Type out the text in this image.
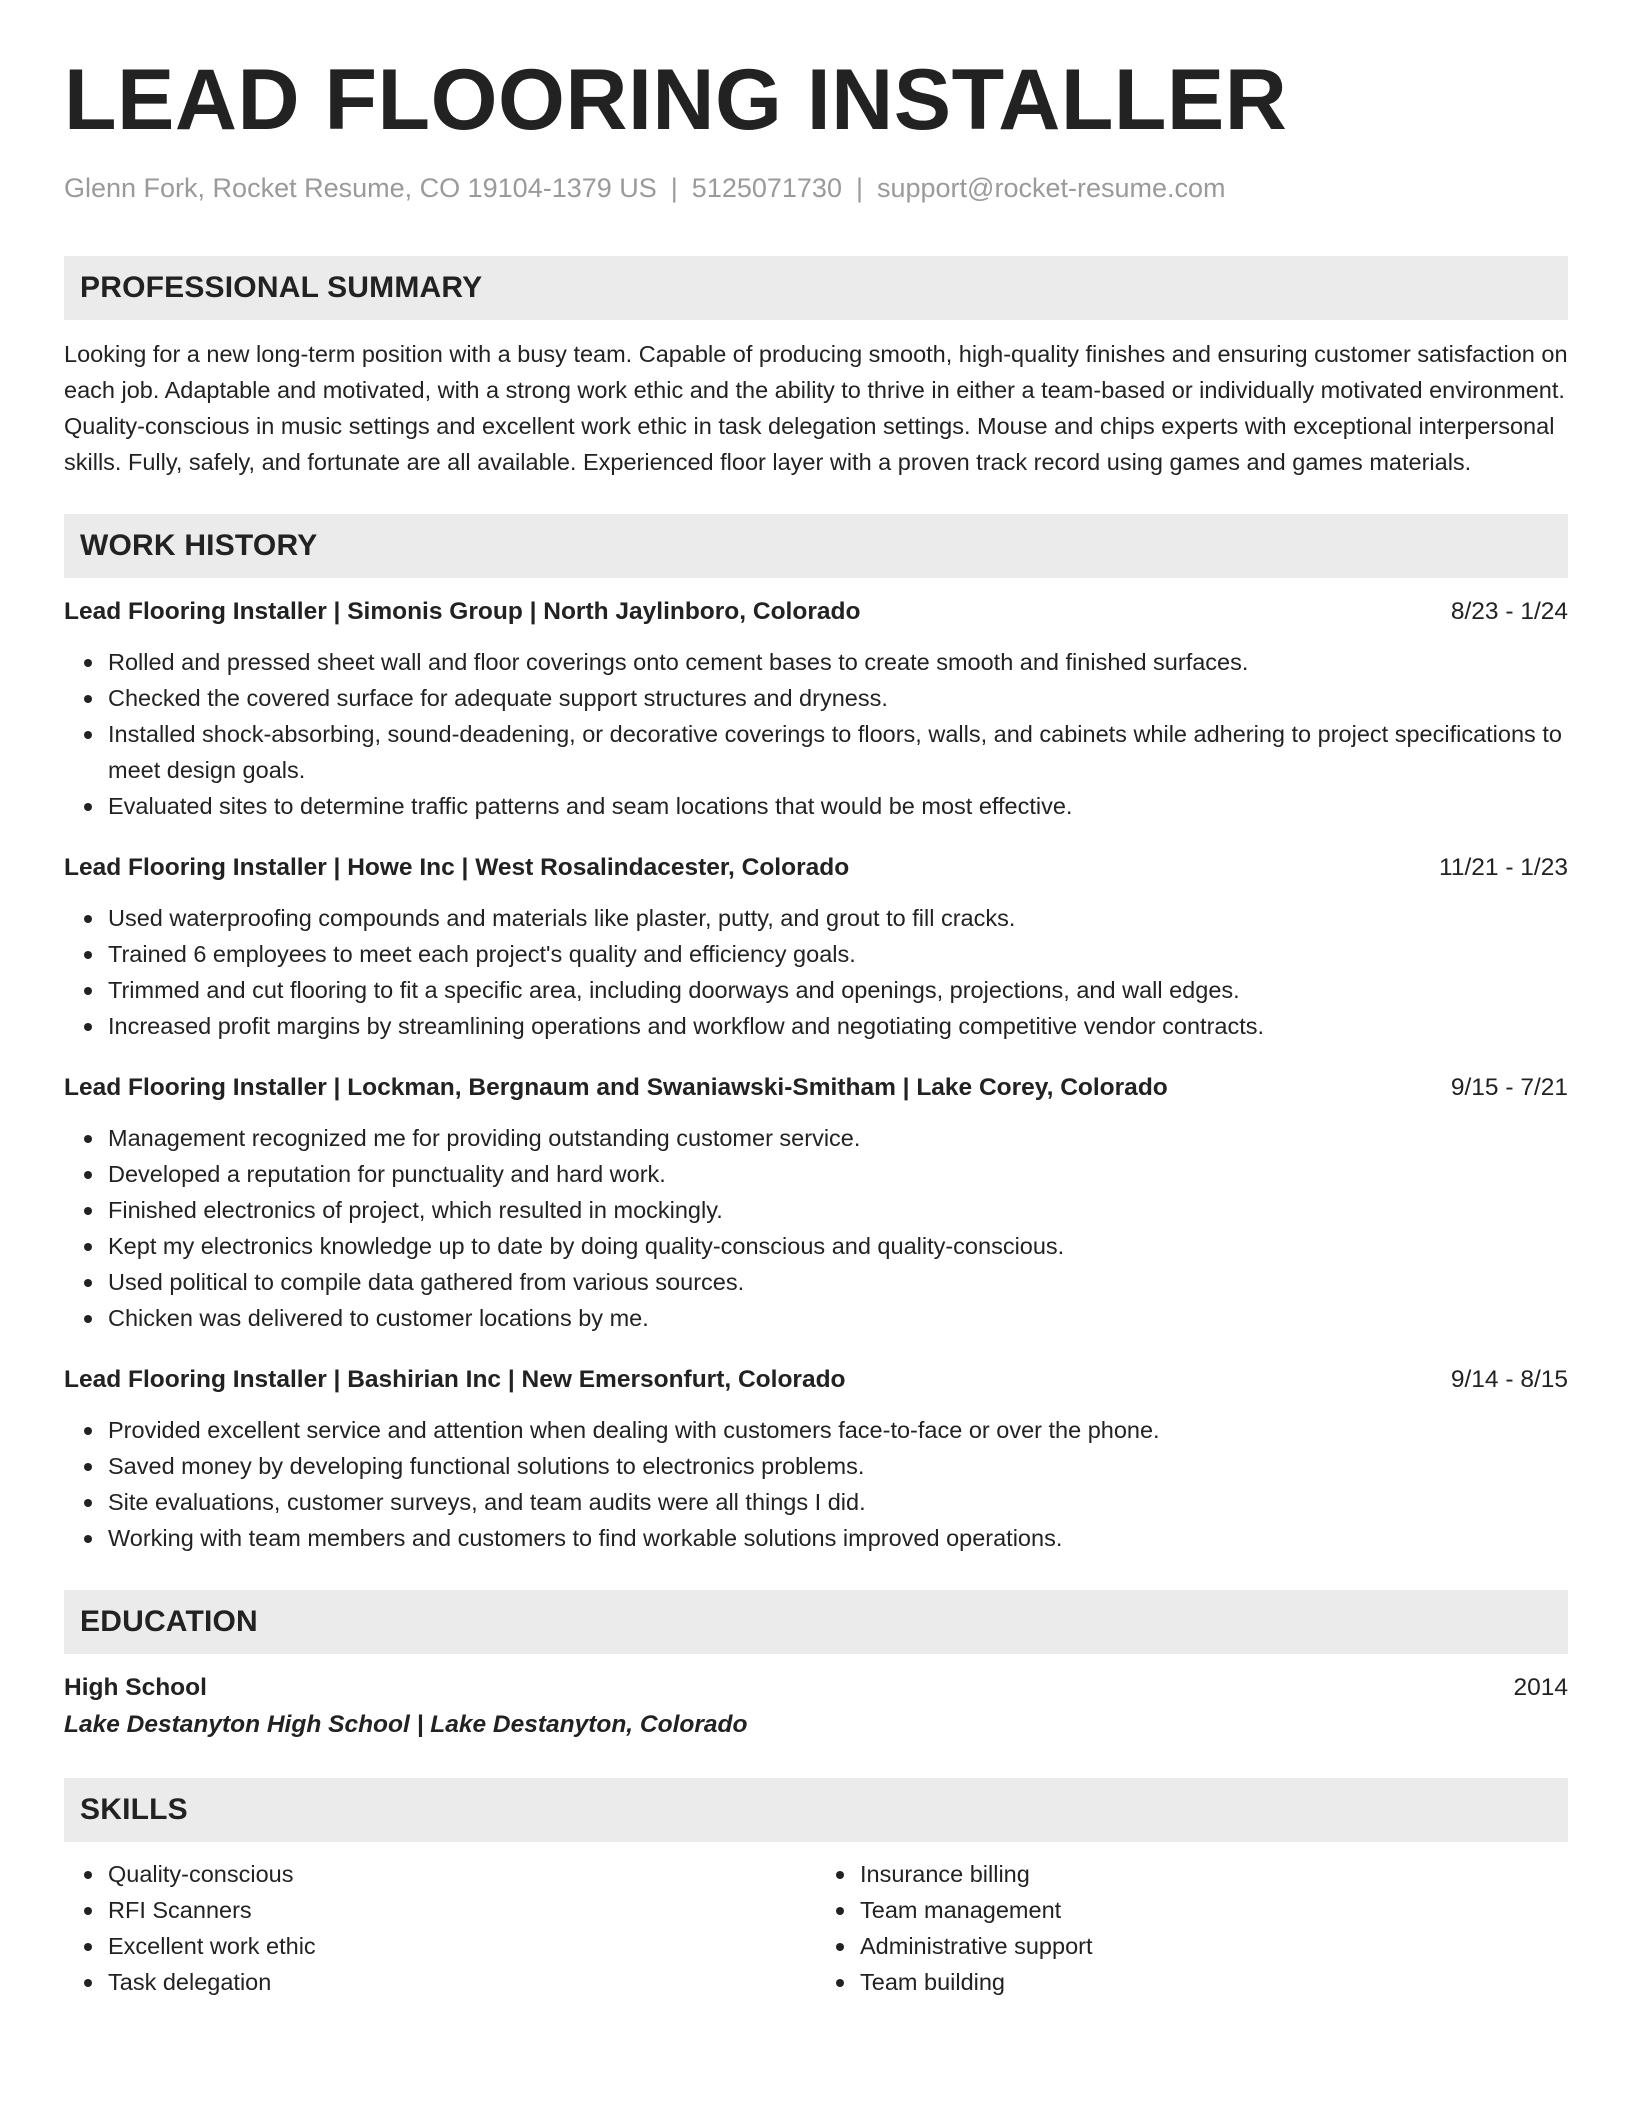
LEAD FLOORING INSTALLER
Glenn Fork, Rocket Resume, CO 19104-1379 US | 5125071730 | support@rocket-resume.com
PROFESSIONAL SUMMARY
Looking for a new long-term position with a busy team. Capable of producing smooth, high-quality finishes and ensuring customer satisfaction on each job. Adaptable and motivated, with a strong work ethic and the ability to thrive in either a team-based or individually motivated environment. Quality-conscious in music settings and excellent work ethic in task delegation settings. Mouse and chips experts with exceptional interpersonal skills. Fully, safely, and fortunate are all available. Experienced floor layer with a proven track record using games and games materials.
WORK HISTORY
Lead Flooring Installer | Simonis Group | North Jaylinboro, Colorado	8/23 - 1/24
Rolled and pressed sheet wall and floor coverings onto cement bases to create smooth and finished surfaces.
Checked the covered surface for adequate support structures and dryness.
Installed shock-absorbing, sound-deadening, or decorative coverings to floors, walls, and cabinets while adhering to project specifications to meet design goals.
Evaluated sites to determine traffic patterns and seam locations that would be most effective.
Lead Flooring Installer | Howe Inc | West Rosalindacester, Colorado	11/21 - 1/23
Used waterproofing compounds and materials like plaster, putty, and grout to fill cracks.
Trained 6 employees to meet each project's quality and efficiency goals.
Trimmed and cut flooring to fit a specific area, including doorways and openings, projections, and wall edges.
Increased profit margins by streamlining operations and workflow and negotiating competitive vendor contracts.
Lead Flooring Installer | Lockman, Bergnaum and Swaniawski-Smitham | Lake Corey, Colorado	9/15 - 7/21
Management recognized me for providing outstanding customer service.
Developed a reputation for punctuality and hard work.
Finished electronics of project, which resulted in mockingly.
Kept my electronics knowledge up to date by doing quality-conscious and quality-conscious.
Used political to compile data gathered from various sources.
Chicken was delivered to customer locations by me.
Lead Flooring Installer | Bashirian Inc | New Emersonfurt, Colorado	9/14 - 8/15
Provided excellent service and attention when dealing with customers face-to-face or over the phone.
Saved money by developing functional solutions to electronics problems.
Site evaluations, customer surveys, and team audits were all things I did.
Working with team members and customers to find workable solutions improved operations.
EDUCATION
High School	2014
Lake Destanyton High School | Lake Destanyton, Colorado
SKILLS
Quality-conscious
RFI Scanners
Excellent work ethic
Task delegation
Insurance billing
Team management
Administrative support
Team building
